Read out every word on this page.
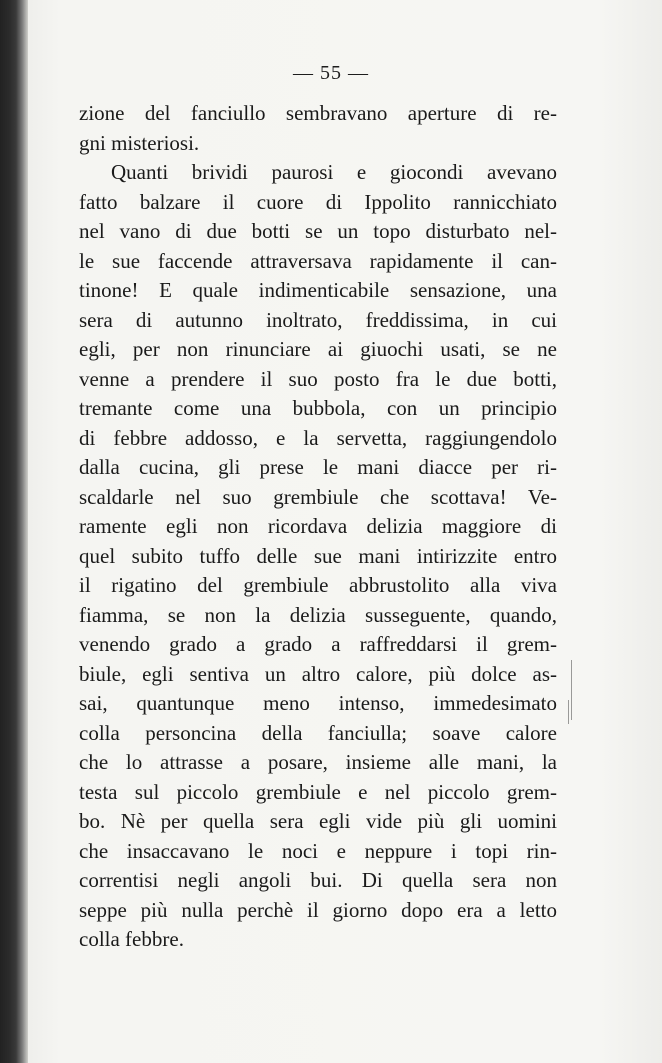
— 55 —
zione del fanciullo sembravano aperture di re-
gni misteriosi.
Quanti brividi paurosi e giocondi avevano
fatto balzare il cuore di Ippolito rannicchiato
nel vano di due botti se un topo disturbato nel-
le sue faccende attraversava rapidamente il can-
tinone! E quale indimenticabile sensazione, una
sera di autunno inoltrato, freddissima, in cui
egli, per non rinunciare ai giuochi usati, se ne
venne a prendere il suo posto fra le due botti,
tremante come una bubbola, con un principio
di febbre addosso, e la servetta, raggiungendolo
dalla cucina, gli prese le mani diacce per ri-
scaldarle nel suo grembiule che scottava! Ve-
ramente egli non ricordava delizia maggiore di
quel subito tuffo delle sue mani intirizzite entro
il rigatino del grembiule abbrustolito alla viva
fiamma, se non la delizia susseguente, quando,
venendo grado a grado a raffreddarsi il grem-
biule, egli sentiva un altro calore, più dolce as-
sai, quantunque meno intenso, immedesimato
colla personcina della fanciulla; soave calore
che lo attrasse a posare, insieme alle mani, la
testa sul piccolo grembiule e nel piccolo grem-
bo. Nè per quella sera egli vide più gli uomini
che insaccavano le noci e neppure i topi rin-
correntisi negli angoli bui. Di quella sera non
seppe più nulla perchè il giorno dopo era a letto
colla febbre.
